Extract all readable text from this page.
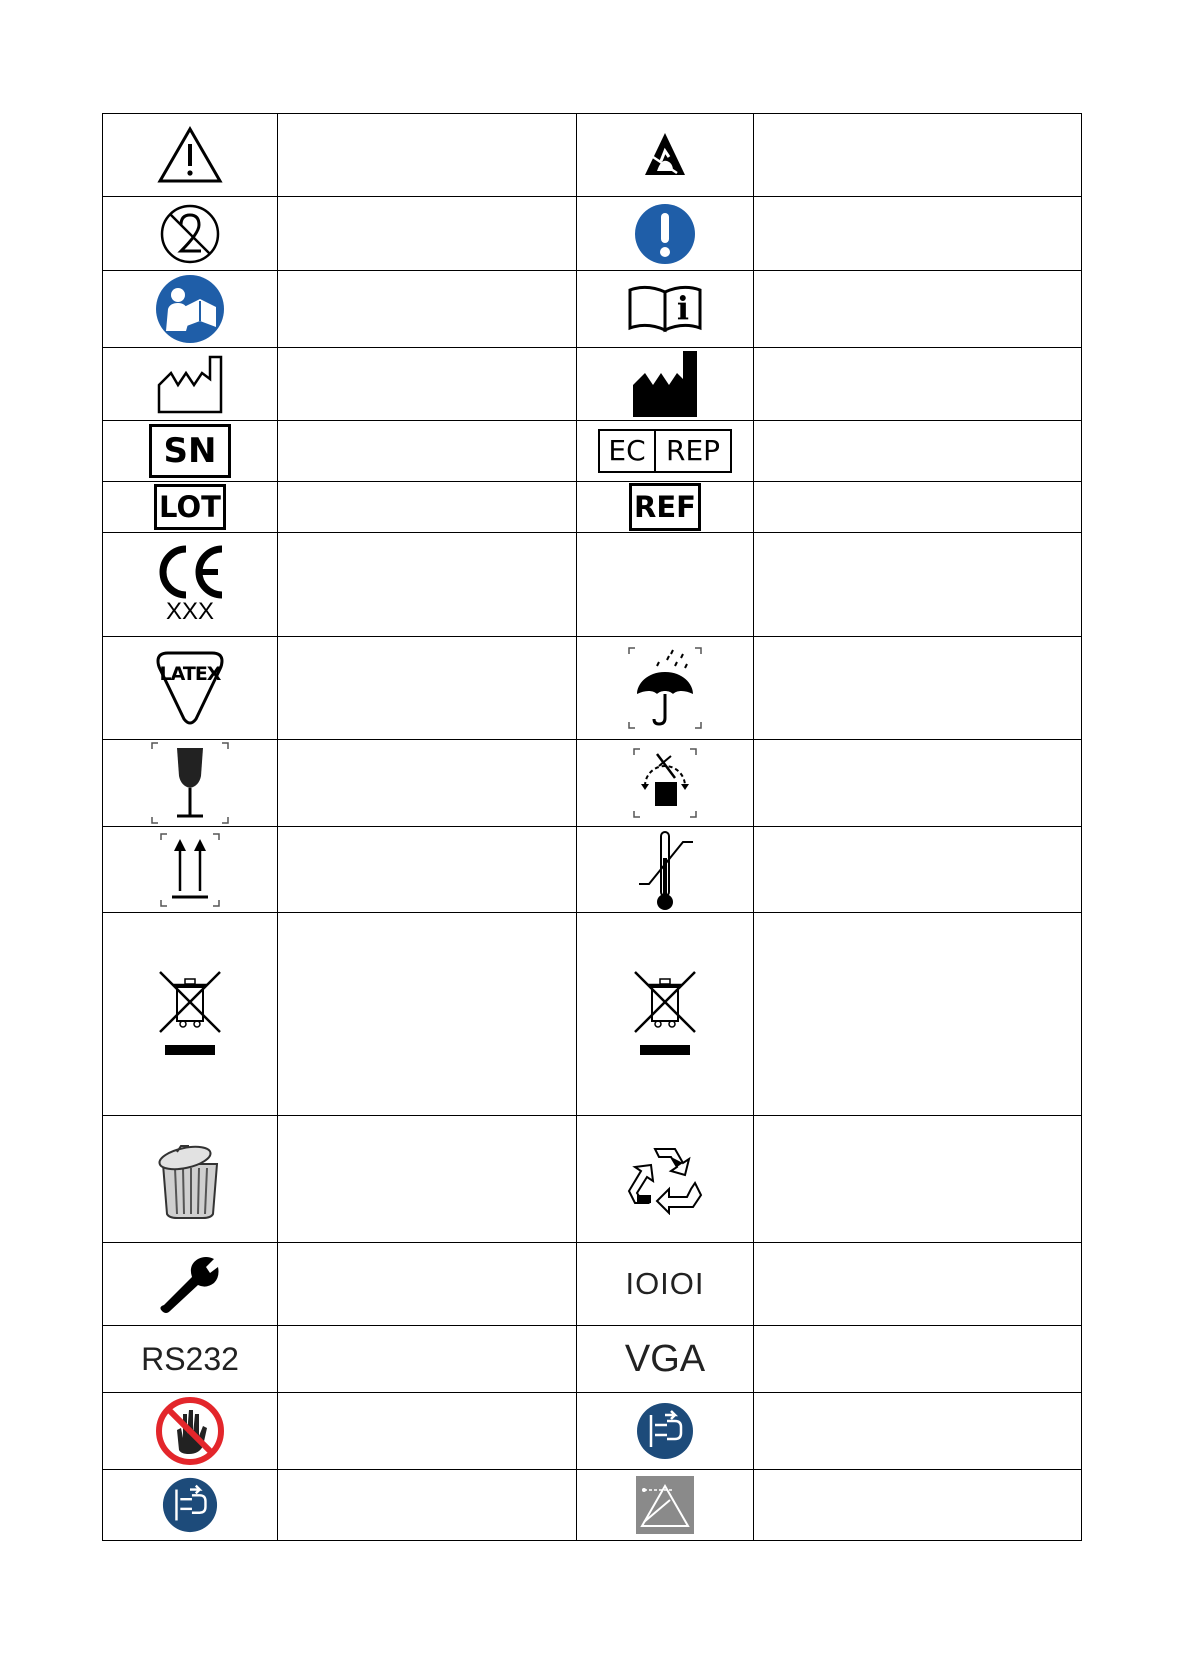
i	

SN		EC REP	

LOT		REF	

XXX			

LATEX

		IOIOI	
RS232		VGA	
